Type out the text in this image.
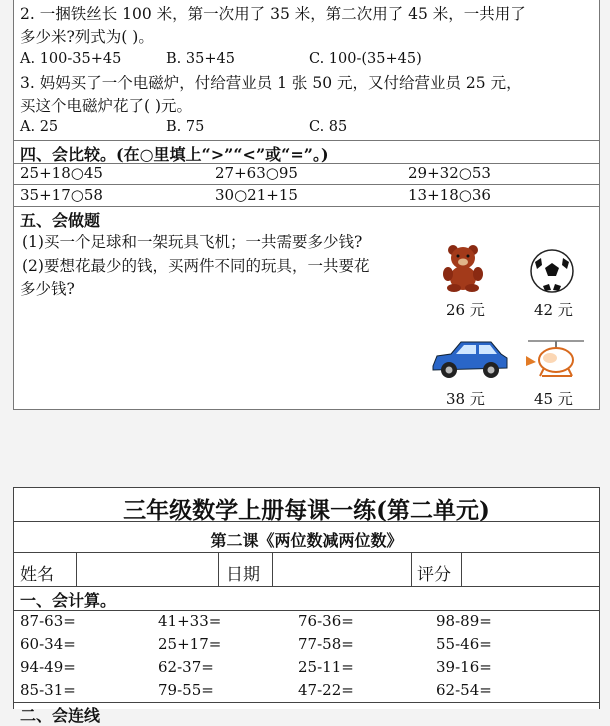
2. 一捆铁丝长 100 米，第一次用了 35 米，第二次用了 45 米，一共用了
多少米?列式为( )。
A. 100-35+45	B. 35+45	C. 100-(35+45)
3. 妈妈买了一个电磁炉，付给营业员 1 张 50 元，又付给营业员 25 元，
买这个电磁炉花了( )元。
A. 25	B. 75	C. 85
四、会比较。(在○里填上“>”“<”或“=”。)
25+18○45	27+63○95	29+32○53
35+17○58	30○21+15	13+18○36
五、会做题
(1)买一个足球和一架玩具飞机；一共需要多少钱?
(2)要想花最少的钱，买两件不同的玩具，一共要花
多少钱?
26 元	42 元
38 元	45 元
三年级数学上册每课一练(第二单元)
第二课《两位数减两位数》
姓名	日期	评分
一、会计算。
87-63=	41+33=	76-36=	98-89=
60-34=	25+17=	77-58=	55-46=
94-49=	62-37=	25-11=	39-16=
85-31=	79-55=	47-22=	62-54=
二、会连线
